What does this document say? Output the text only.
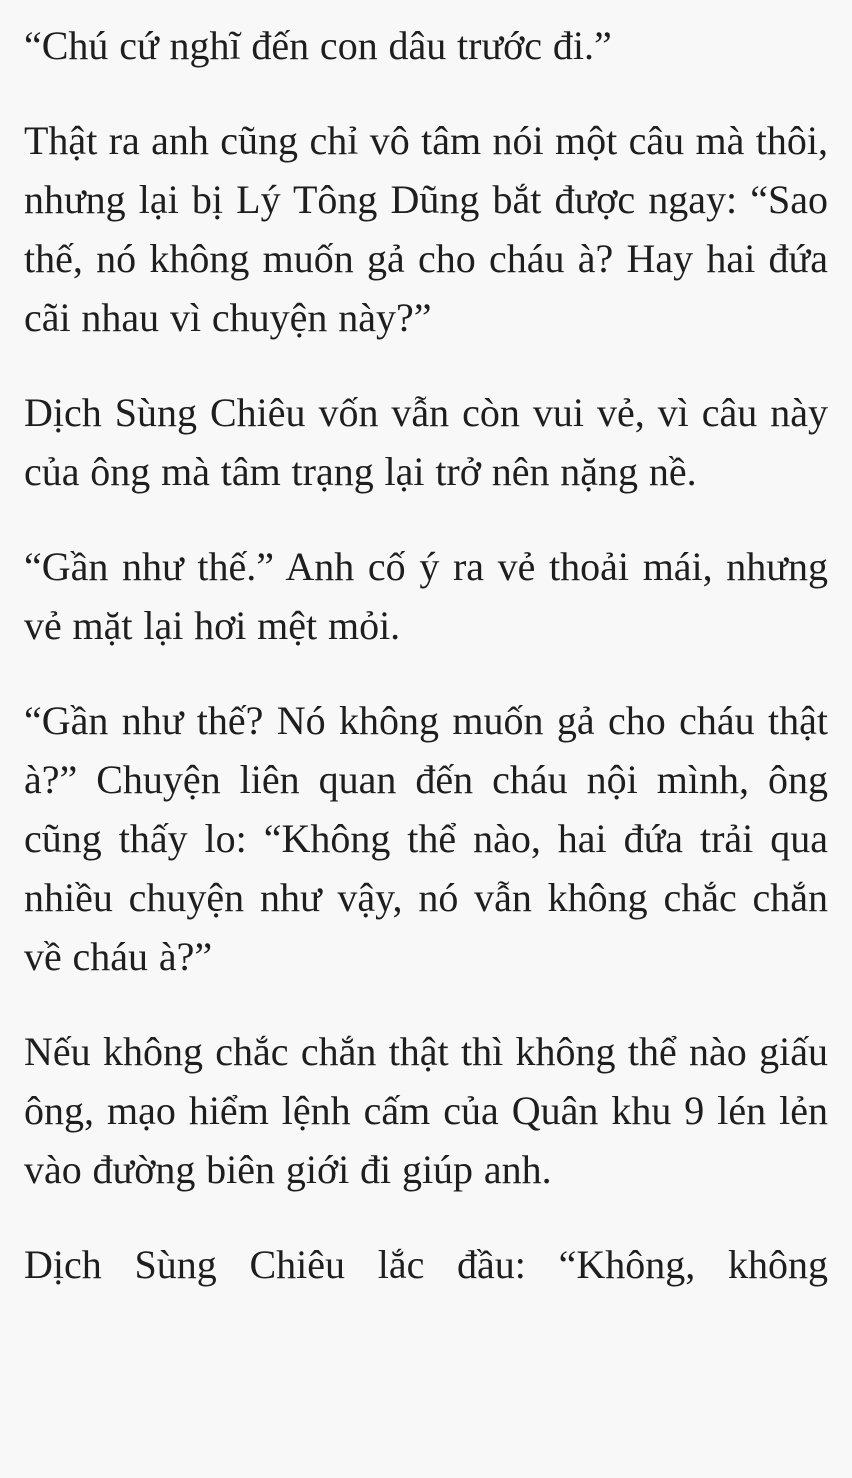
“Chú cứ nghĩ đến con dâu trước đi.”

Thật ra anh cũng chỉ vô tâm nói một câu mà thôi, nhưng lại bị Lý Tông Dũng bắt được ngay: “Sao thế, nó không muốn gả cho cháu à? Hay hai đứa cãi nhau vì chuyện này?”

Dịch Sùng Chiêu vốn vẫn còn vui vẻ, vì câu này của ông mà tâm trạng lại trở nên nặng nề.

“Gần như thế.” Anh cố ý ra vẻ thoải mái, nhưng vẻ mặt lại hơi mệt mỏi.

“Gần như thế? Nó không muốn gả cho cháu thật à?” Chuyện liên quan đến cháu nội mình, ông cũng thấy lo: “Không thể nào, hai đứa trải qua nhiều chuyện như vậy, nó vẫn không chắc chắn về cháu à?”

Nếu không chắc chắn thật thì không thể nào giấu ông, mạo hiểm lệnh cấm của Quân khu 9 lén lẻn vào đường biên giới đi giúp anh.

Dịch Sùng Chiêu lắc đầu: “Không, không
